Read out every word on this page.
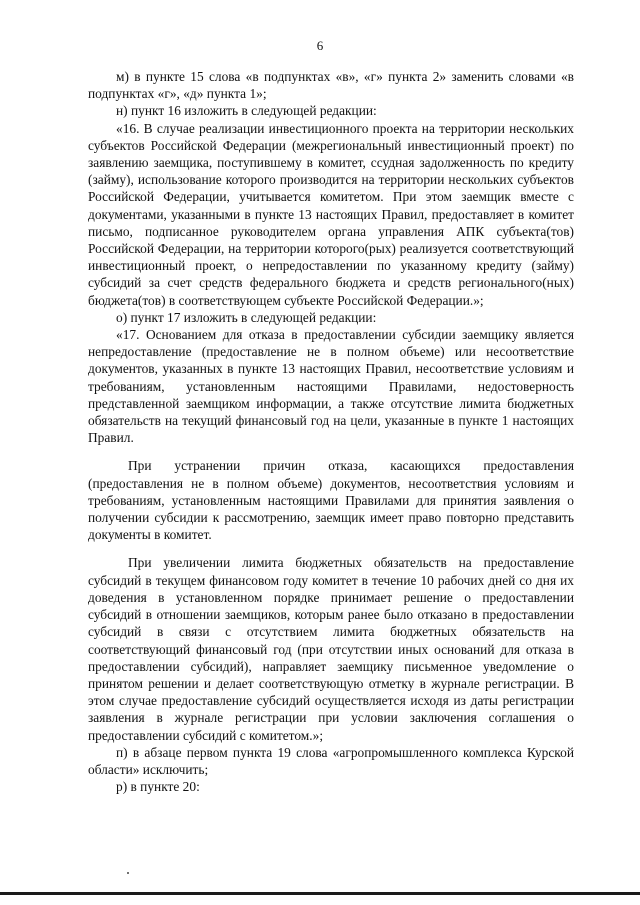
6

м) в пункте 15 слова «в подпунктах «в», «г» пункта 2» заменить словами «в подпунктах «г», «д» пункта 1»;

н) пункт 16 изложить в следующей редакции:

«16. В случае реализации инвестиционного проекта на территории нескольких субъектов Российской Федерации (межрегиональный инвестиционный проект) по заявлению заемщика, поступившему в комитет, ссудная задолженность по кредиту (займу), использование которого производится на территории нескольких субъектов Российской Федерации, учитывается комитетом. При этом заемщик вместе с документами, указанными в пункте 13 настоящих Правил, предоставляет в комитет письмо, подписанное руководителем органа управления АПК субъекта(тов) Российской Федерации, на территории которого(рых) реализуется соответствующий инвестиционный проект, о непредоставлении по указанному кредиту (займу) субсидий за счет средств федерального бюджета и средств регионального(ных) бюджета(тов) в соответствующем субъекте Российской Федерации.»;

о) пункт 17 изложить в следующей редакции:

«17. Основанием для отказа в предоставлении субсидии заемщику является непредоставление (предоставление не в полном объеме) или несоответствие документов, указанных в пункте 13 настоящих Правил, несоответствие условиям и требованиям, установленным настоящими Правилами, недостоверность представленной заемщиком информации, а также отсутствие лимита бюджетных обязательств на текущий финансовый год на цели, указанные в пункте 1 настоящих Правил.

При устранении причин отказа, касающихся предоставления (предоставления не в полном объеме) документов, несоответствия условиям и требованиям, установленным настоящими Правилами для принятия заявления о получении субсидии к рассмотрению, заемщик имеет право повторно представить документы в комитет.

При увеличении лимита бюджетных обязательств на предоставление субсидий в текущем финансовом году комитет в течение 10 рабочих дней со дня их доведения в установленном порядке принимает решение о предоставлении субсидий в отношении заемщиков, которым ранее было отказано в предоставлении субсидий в связи с отсутствием лимита бюджетных обязательств на соответствующий финансовый год (при отсутствии иных оснований для отказа в предоставлении субсидий), направляет заемщику письменное уведомление о принятом решении и делает соответствующую отметку в журнале регистрации. В этом случае предоставление субсидий осуществляется исходя из даты регистрации заявления в журнале регистрации при условии заключения соглашения о предоставлении субсидий с комитетом.»;

п) в абзаце первом пункта 19 слова «агропромышленного комплекса Курской области» исключить;

р) в пункте 20:
